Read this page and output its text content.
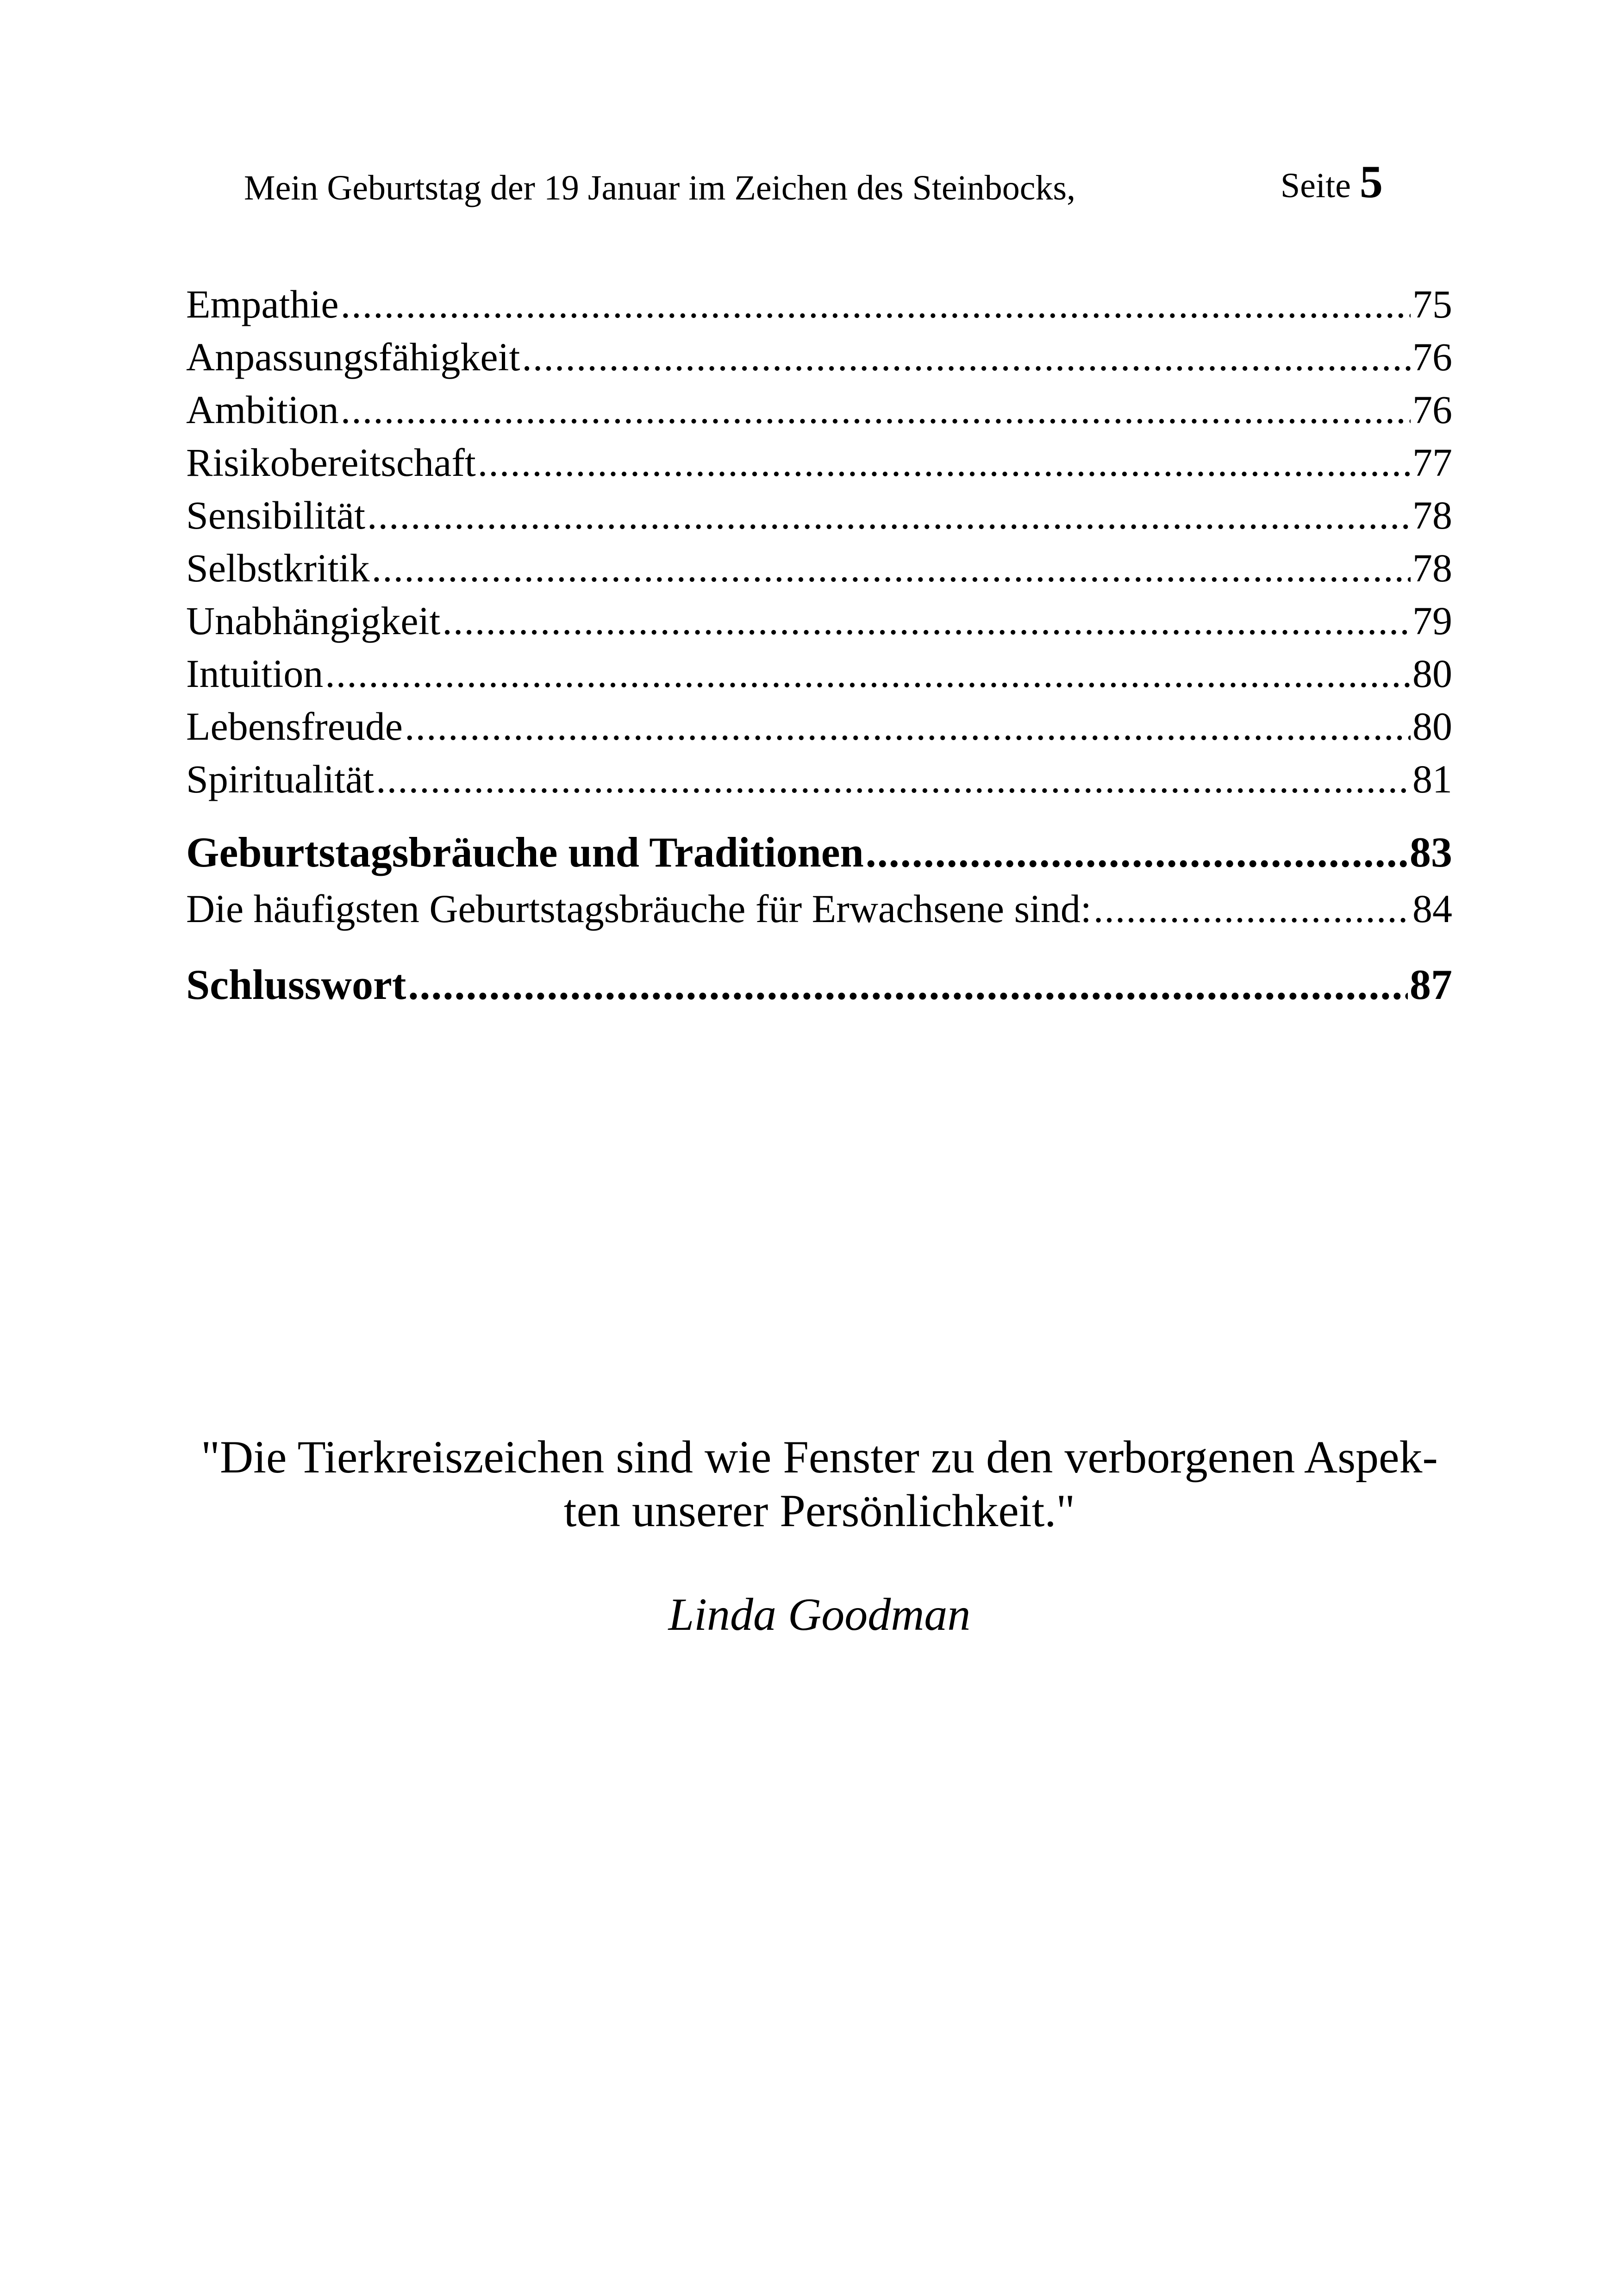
Mein Geburtstag der 19 Januar im Zeichen des Steinbocks,	Seite 5
Empathie .....	75
Anpassungsfähigkeit .....	76
Ambition .....	76
Risikobereitschaft .....	77
Sensibilität .....	78
Selbstkritik .....	78
Unabhängigkeit .....	79
Intuition .....	80
Lebensfreude .....	80
Spiritualität .....	81
Geburtstagsbräuche und Traditionen .....	83
Die häufigsten Geburtstagsbräuche für Erwachsene sind: .....	84
Schlusswort .....	87

"Die Tierkreiszeichen sind wie Fenster zu den verborgenen Aspek-
ten unserer Persönlichkeit."

Linda Goodman
